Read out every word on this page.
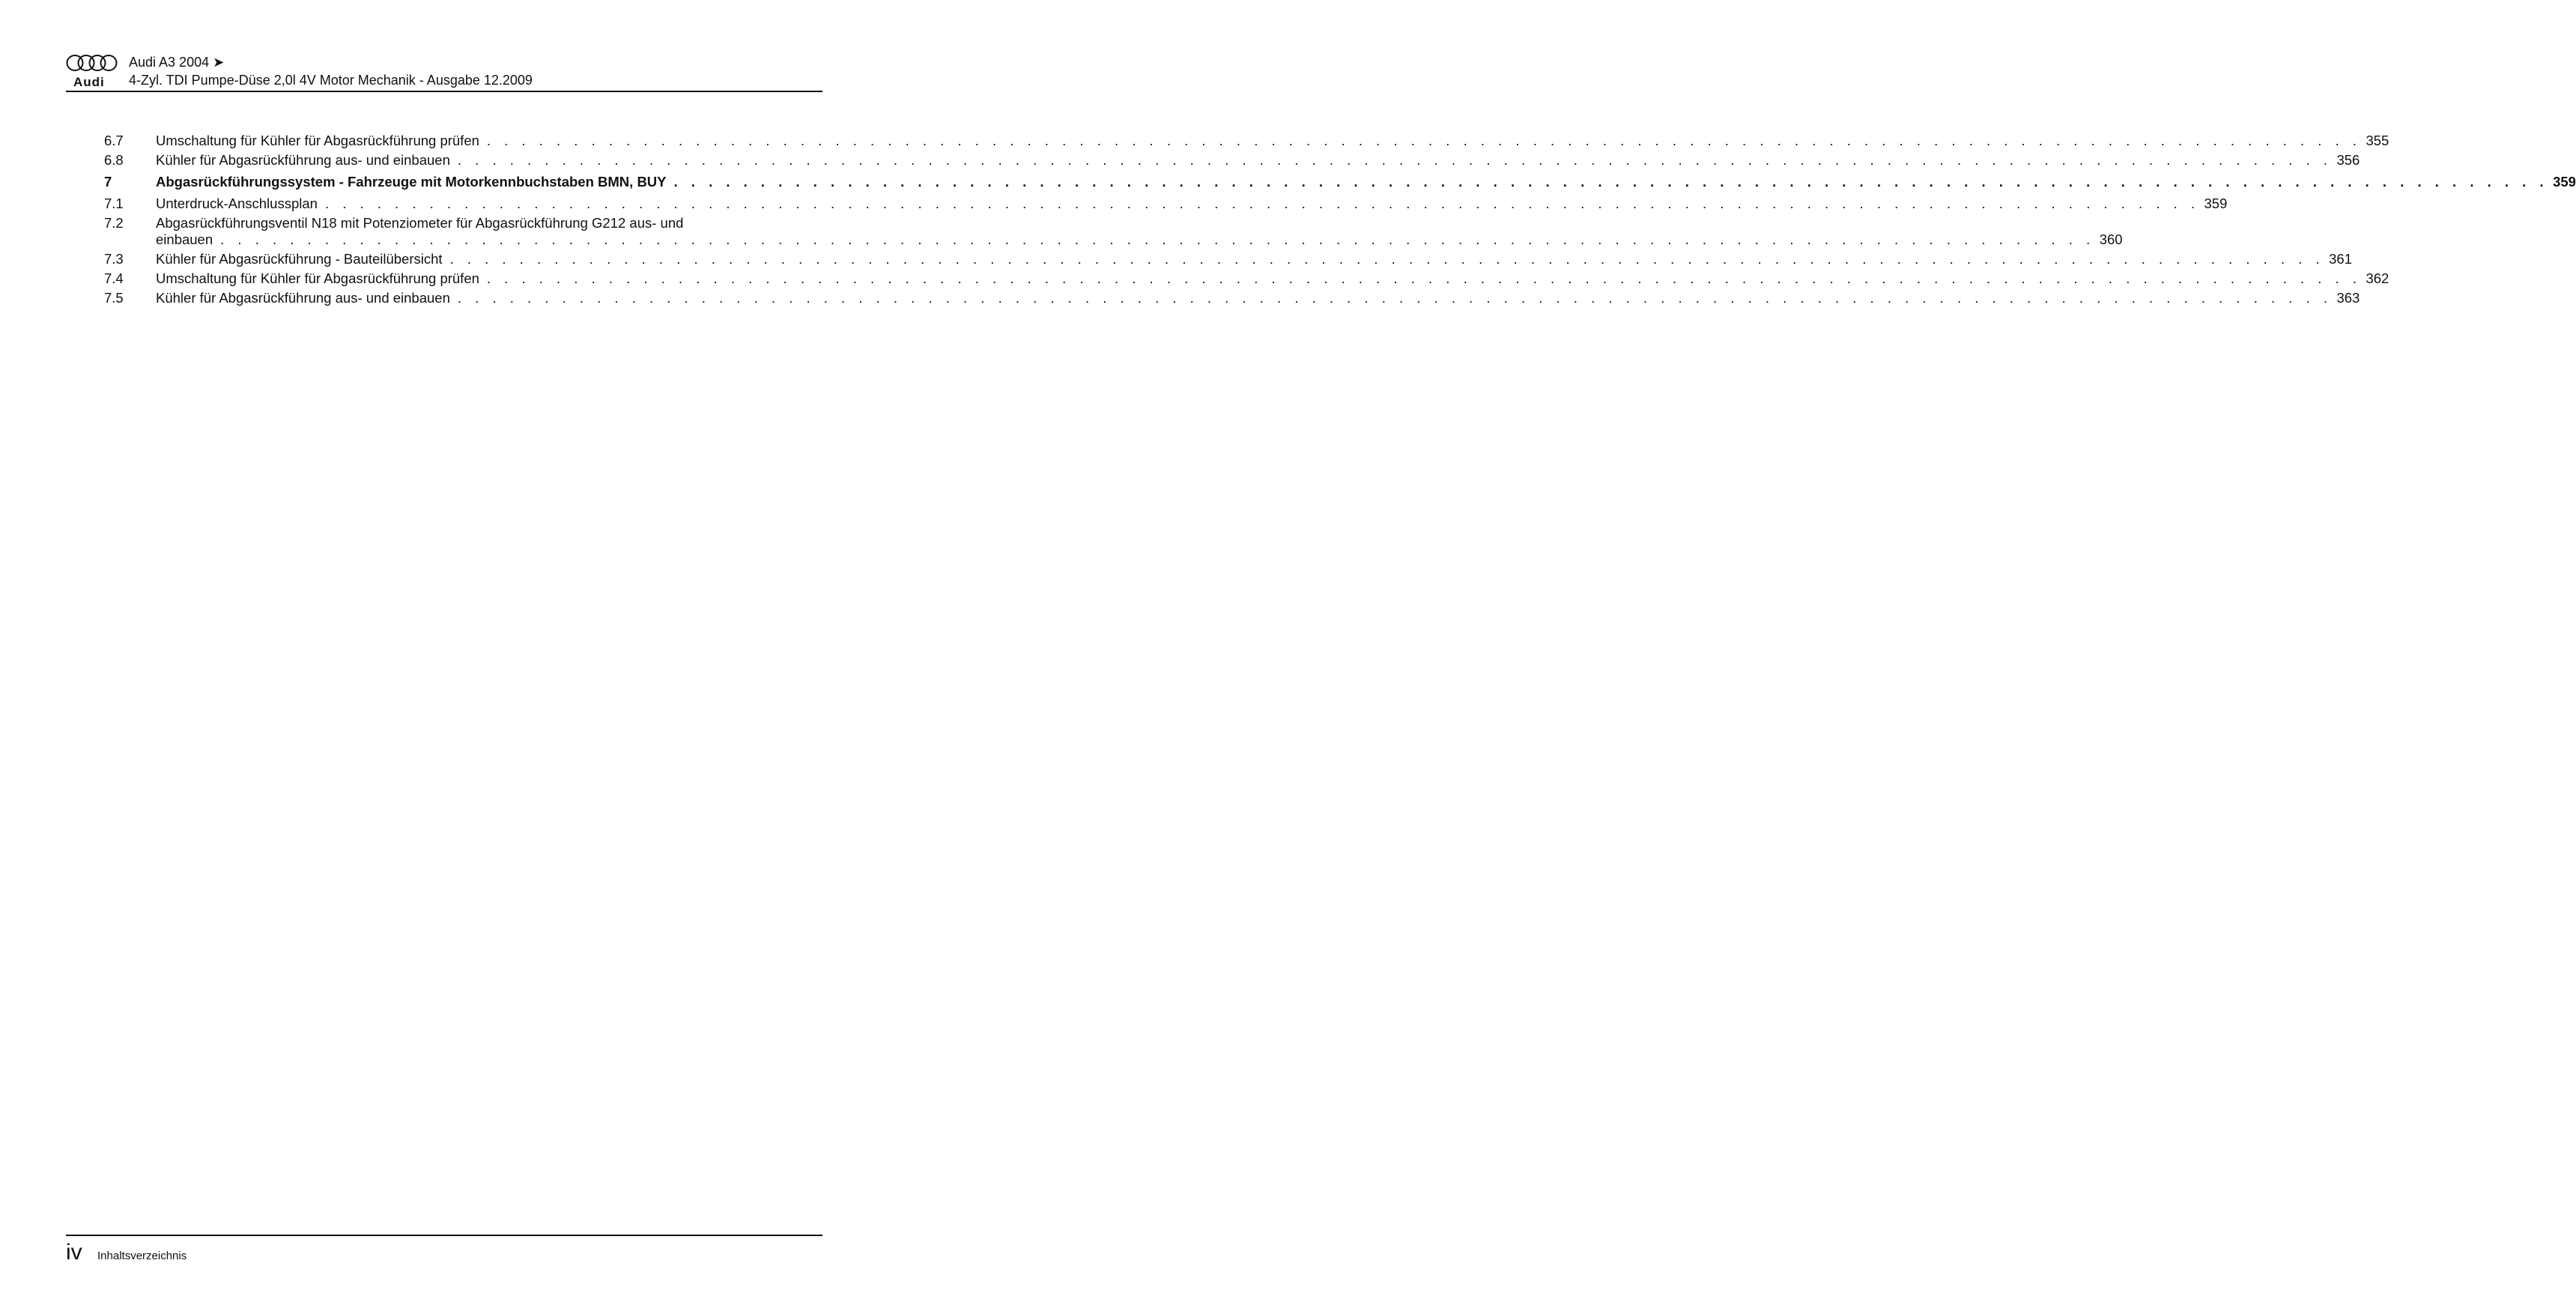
Audi
Audi A3 2004 ➤
4-Zyl. TDI Pumpe-Düse 2,0l 4V Motor Mechanik - Ausgabe 12.2009
6.7 Umschaltung für Kühler für Abgasrückführung prüfen . . . . . . . . . . . . . . . . . . . . . . . . . . . . . . . . . . . . . . . . . . . . . . . . . . . . . . . . . . . . . . . . . . . . . . . . . . . . . . . . . . . . . . . . . . . . . . . . . . . . . . . . . . . . 355
6.8 Kühler für Abgasrückführung aus- und einbauen . . . . . . . . . . . . . . . . . . . . . . . . . . . . . . . . . . . . . . . . . . . . . . . . . . . . . . . . . . . . . . . . . . . . . . . . . . . . . . . . . . . . . . . . . . . . . . . . . . . . . . . . . . . . 356
7	Abgasrückführungssystem - Fahrzeuge mit Motorkennbuchstaben BMN, BUY . . . . . . . . . . . . . . . . . . . . . . . . . . . . . . . . . . . . . . . . . . . . . . . . . . . . . . . . . . . . . . . . . . . . . . . . . . . . . . . . . . . . . . . . . . . . . . . . . . . . . . . . . . . . 359
7.1 Unterdruck-Anschlussplan . . . . . . . . . . . . . . . . . . . . . . . . . . . . . . . . . . . . . . . . . . . . . . . . . . . . . . . . . . . . . . . . . . . . . . . . . . . . . . . . . . . . . . . . . . . . . . . . . . . . . . . . . . . . 359
7.2 Abgasrückführungsventil N18 mit Potenziometer für Abgasrückführung G212 aus- und
einbauen . . . . . . . . . . . . . . . . . . . . . . . . . . . . . . . . . . . . . . . . . . . . . . . . . . . . . . . . . . . . . . . . . . . . . . . . . . . . . . . . . . . . . . . . . . . . . . . . . . . . . . . . . . . . 360
7.3 Kühler für Abgasrückführung - Bauteilübersicht . . . . . . . . . . . . . . . . . . . . . . . . . . . . . . . . . . . . . . . . . . . . . . . . . . . . . . . . . . . . . . . . . . . . . . . . . . . . . . . . . . . . . . . . . . . . . . . . . . . . . . . . . . . . 361
7.4 Umschaltung für Kühler für Abgasrückführung prüfen . . . . . . . . . . . . . . . . . . . . . . . . . . . . . . . . . . . . . . . . . . . . . . . . . . . . . . . . . . . . . . . . . . . . . . . . . . . . . . . . . . . . . . . . . . . . . . . . . . . . . . . . . . . . 362
7.5 Kühler für Abgasrückführung aus- und einbauen . . . . . . . . . . . . . . . . . . . . . . . . . . . . . . . . . . . . . . . . . . . . . . . . . . . . . . . . . . . . . . . . . . . . . . . . . . . . . . . . . . . . . . . . . . . . . . . . . . . . . . . . . . . . 363
iv Inhaltsverzeichnis
